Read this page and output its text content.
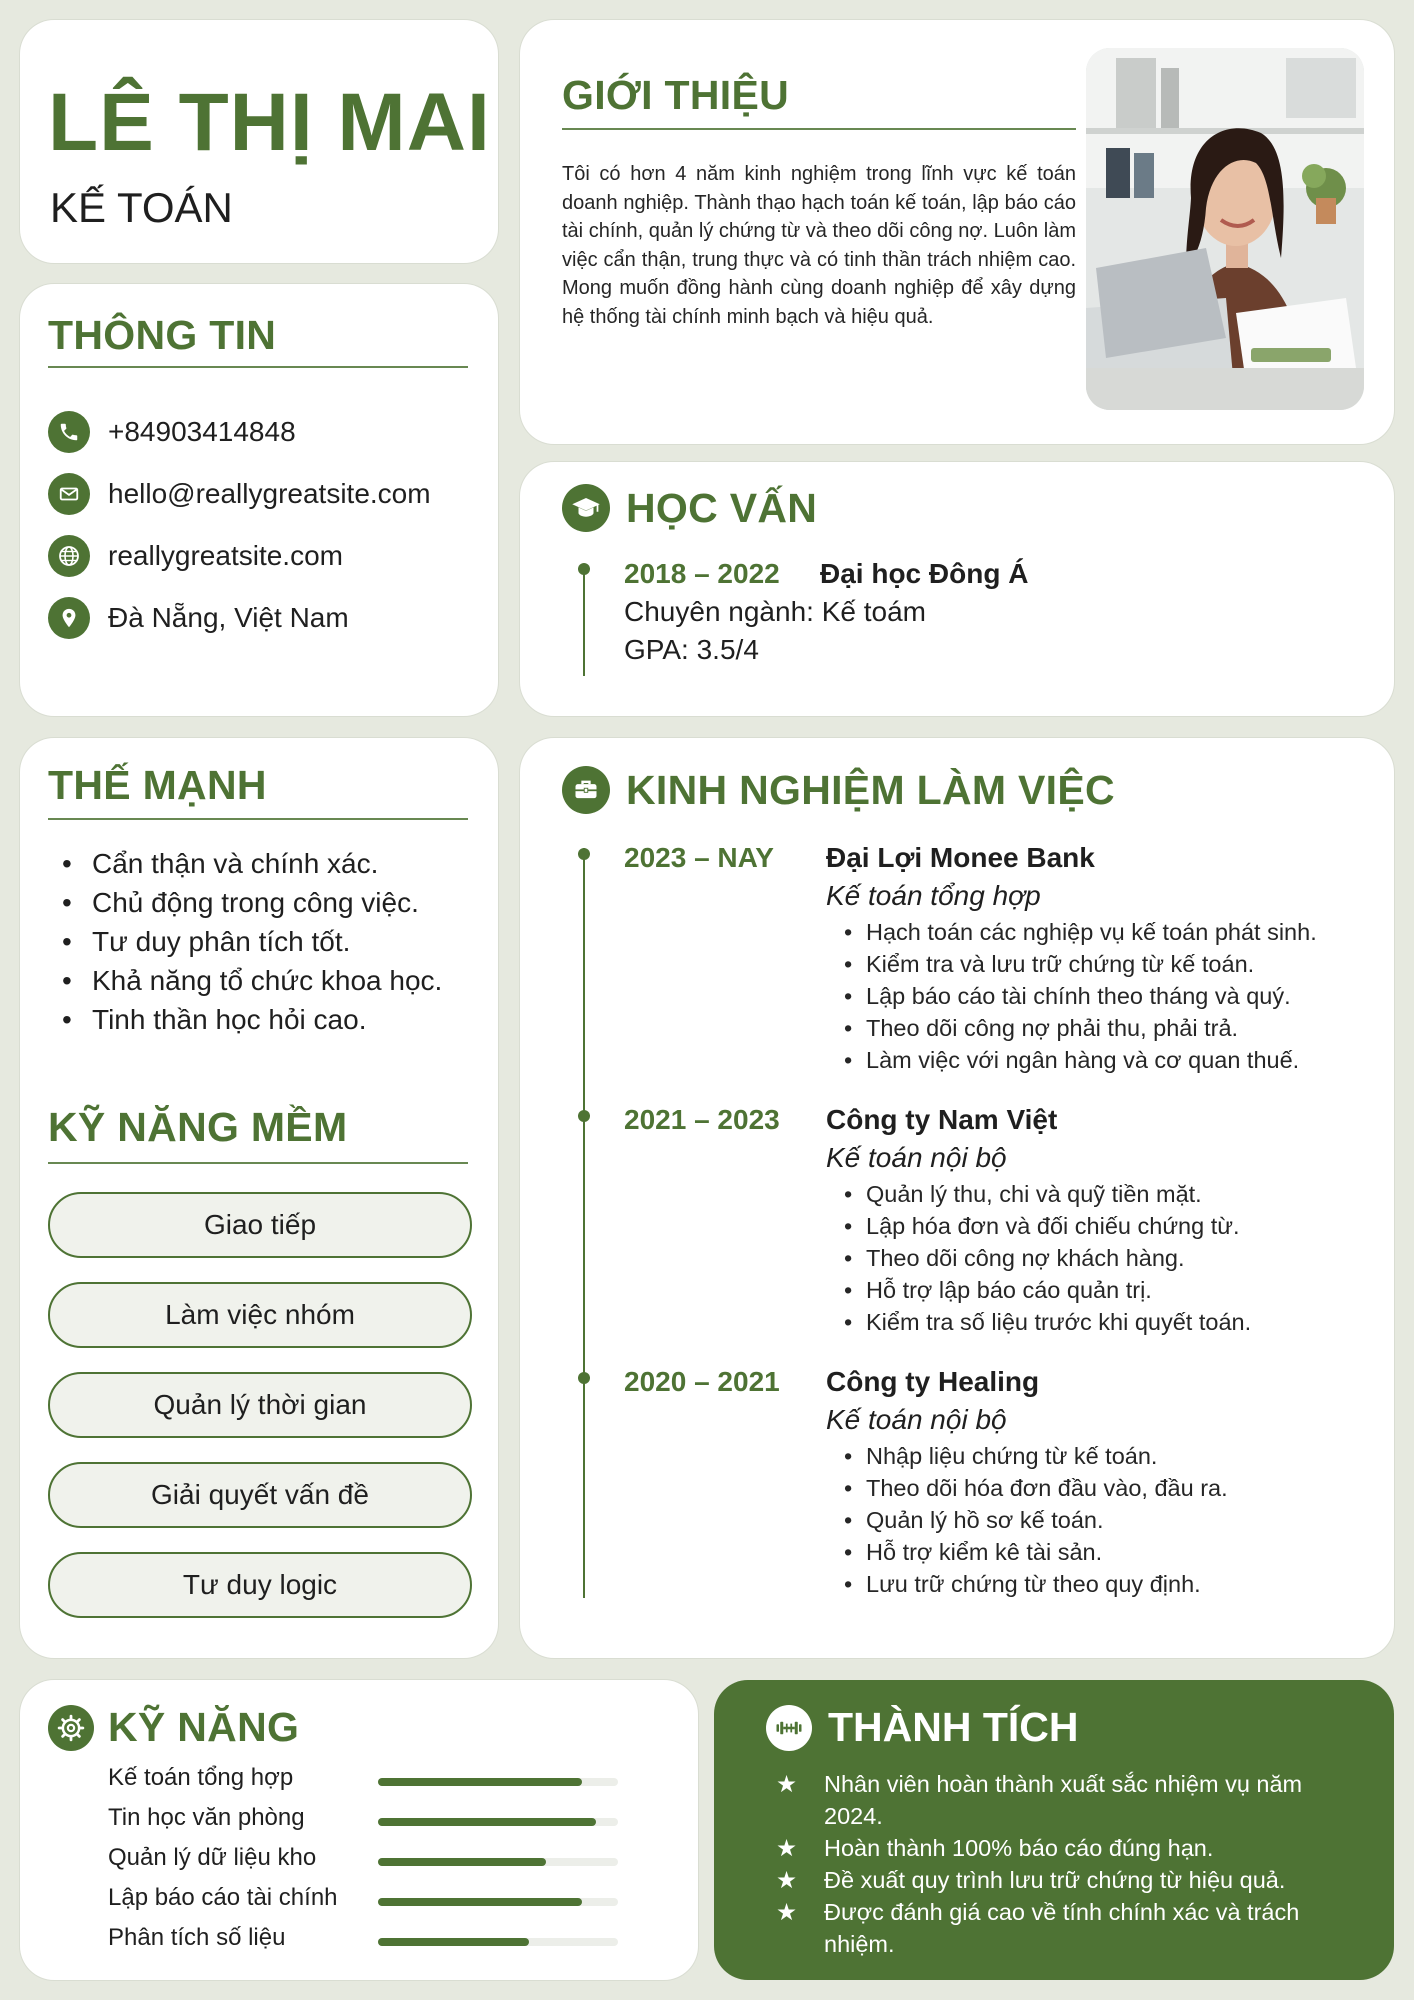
LÊ THỊ MAI
KẾ TOÁN
GIỚI THIỆU
Tôi có hơn 4 năm kinh nghiệm trong lĩnh vực kế toán doanh nghiệp. Thành thạo hạch toán kế toán, lập báo cáo tài chính, quản lý chứng từ và theo dõi công nợ. Luôn làm việc cẩn thận, trung thực và có tinh thần trách nhiệm cao. Mong muốn đồng hành cùng doanh nghiệp để xây dựng hệ thống tài chính minh bạch và hiệu quả.
THÔNG TIN
+84903414848
hello@reallygreatsite.com
reallygreatsite.com
Đà Nẵng, Việt Nam
HỌC VẤN
2018 – 2022 Đại học Đông Á
Chuyên ngành: Kế toám
GPA: 3.5/4
THẾ MẠNH
• Cẩn thận và chính xác.
• Chủ động trong công việc.
• Tư duy phân tích tốt.
• Khả năng tổ chức khoa học.
• Tinh thần học hỏi cao.
KỸ NĂNG MỀM
Giao tiếp
Làm việc nhóm
Quản lý thời gian
Giải quyết vấn đề
Tư duy logic
KINH NGHIỆM LÀM VIỆC
2023 – NAY Đại Lợi Monee Bank
Kế toán tổng hợp
• Hạch toán các nghiệp vụ kế toán phát sinh.
• Kiểm tra và lưu trữ chứng từ kế toán.
• Lập báo cáo tài chính theo tháng và quý.
• Theo dõi công nợ phải thu, phải trả.
• Làm việc với ngân hàng và cơ quan thuế.
2021 – 2023 Công ty Nam Việt
Kế toán nội bộ
• Quản lý thu, chi và quỹ tiền mặt.
• Lập hóa đơn và đối chiếu chứng từ.
• Theo dõi công nợ khách hàng.
• Hỗ trợ lập báo cáo quản trị.
• Kiểm tra số liệu trước khi quyết toán.
2020 – 2021 Công ty Healing
Kế toán nội bộ
• Nhập liệu chứng từ kế toán.
• Theo dõi hóa đơn đầu vào, đầu ra.
• Quản lý hồ sơ kế toán.
• Hỗ trợ kiểm kê tài sản.
• Lưu trữ chứng từ theo quy định.
KỸ NĂNG
Kế toán tổng hợp
Tin học văn phòng
Quản lý dữ liệu kho
Lập báo cáo tài chính
Phân tích số liệu
THÀNH TÍCH
★ Nhân viên hoàn thành xuất sắc nhiệm vụ năm 2024.
★ Hoàn thành 100% báo cáo đúng hạn.
★ Đề xuất quy trình lưu trữ chứng từ hiệu quả.
★ Được đánh giá cao về tính chính xác và trách nhiệm.
